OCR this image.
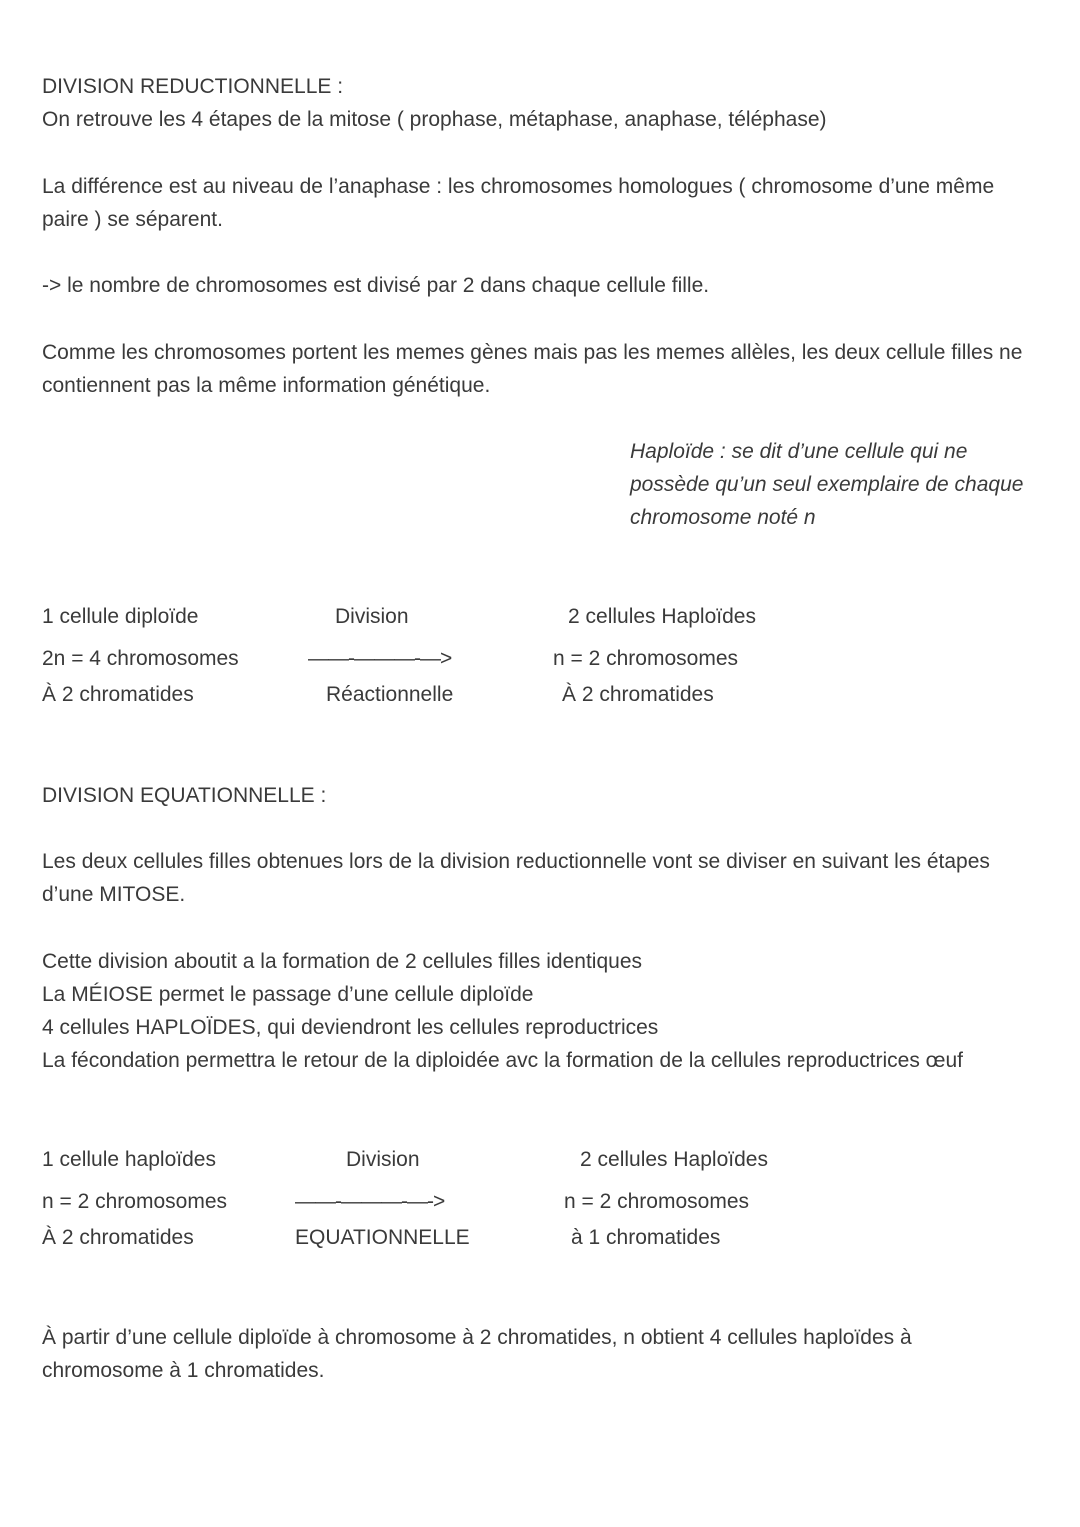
DIVISION REDUCTIONNELLE :
On retrouve les 4 étapes de la mitose ( prophase, métaphase, anaphase, téléphase)
La différence est au niveau de l’anaphase : les chromosomes homologues ( chromosome d’une même paire ) se séparent.
-> le nombre de chromosomes est divisé par 2 dans chaque cellule fille.
Comme les chromosomes portent les memes gènes mais pas les memes allèles, les deux cellule filles ne contiennent pas la même information génétique.
Haploïde : se dit d’une cellule qui ne possède qu’un seul exemplaire de chaque chromosome noté n
1 cellule diploïde
2n = 4 chromosomes
À 2 chromatides
Division
——-———-—>
Réactionnelle
2 cellules Haploïdes
n = 2 chromosomes
À 2 chromatides
DIVISION EQUATIONNELLE :
Les deux cellules filles obtenues lors de la division reductionnelle vont se diviser en suivant les étapes d’une MITOSE.
Cette division aboutit a la formation de 2 cellules filles identiques
La MÉIOSE permet le passage d’une cellule diploïde
4 cellules HAPLOÏDES, qui deviendront les cellules reproductrices
La fécondation permettra le retour de la diploidée avc la formation de la cellules reproductrices œuf
1 cellule haploïdes
n = 2 chromosomes
À 2 chromatides
Division
——-———-—->
EQUATIONNELLE
2 cellules Haploïdes
n = 2 chromosomes
à 1 chromatides
À partir d’une cellule diploïde à chromosome à 2 chromatides, n obtient 4 cellules haploïdes à chromosome à 1 chromatides.
